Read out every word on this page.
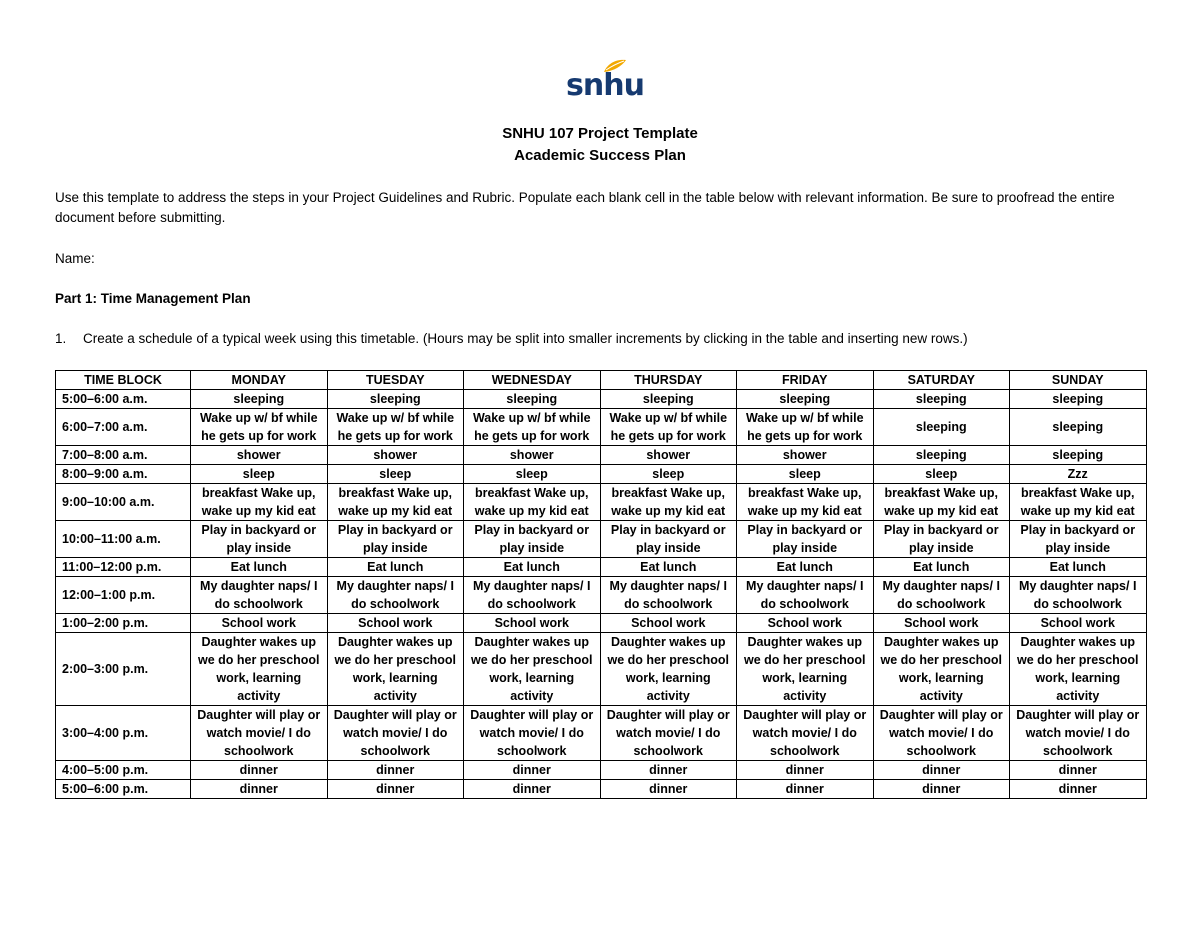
snhu
SNHU 107 Project Template
Academic Success Plan
Use this template to address the steps in your Project Guidelines and Rubric. Populate each blank cell in the table below with relevant information. Be sure to proofread the entire document before submitting.
Name:
Part 1: Time Management Plan
1. Create a schedule of a typical week using this timetable. (Hours may be split into smaller increments by clicking in the table and inserting new rows.)
TIME BLOCK	MONDAY	TUESDAY	WEDNESDAY	THURSDAY	FRIDAY	SATURDAY	SUNDAY
5:00–6:00 a.m.	sleeping	sleeping	sleeping	sleeping	sleeping	sleeping	sleeping
6:00–7:00 a.m.	Wake up w/ bf while he gets up for work	Wake up w/ bf while he gets up for work	Wake up w/ bf while he gets up for work	Wake up w/ bf while he gets up for work	Wake up w/ bf while he gets up for work	sleeping	sleeping
7:00–8:00 a.m.	shower	shower	shower	shower	shower	sleeping	sleeping
8:00–9:00 a.m.	sleep	sleep	sleep	sleep	sleep	sleep	Zzz
9:00–10:00 a.m.	breakfast Wake up, wake up my kid eat	breakfast Wake up, wake up my kid eat	breakfast Wake up, wake up my kid eat	breakfast Wake up, wake up my kid eat	breakfast Wake up, wake up my kid eat	breakfast Wake up, wake up my kid eat	breakfast Wake up, wake up my kid eat
10:00–11:00 a.m.	Play in backyard or play inside	Play in backyard or play inside	Play in backyard or play inside	Play in backyard or play inside	Play in backyard or play inside	Play in backyard or play inside	Play in backyard or play inside
11:00–12:00 p.m.	Eat lunch	Eat lunch	Eat lunch	Eat lunch	Eat lunch	Eat lunch	Eat lunch
12:00–1:00 p.m.	My daughter naps/ I do schoolwork	My daughter naps/ I do schoolwork	My daughter naps/ I do schoolwork	My daughter naps/ I do schoolwork	My daughter naps/ I do schoolwork	My daughter naps/ I do schoolwork	My daughter naps/ I do schoolwork
1:00–2:00 p.m.	School work	School work	School work	School work	School work	School work	School work
2:00–3:00 p.m.	Daughter wakes up we do her preschool work, learning activity	Daughter wakes up we do her preschool work, learning activity	Daughter wakes up we do her preschool work, learning activity	Daughter wakes up we do her preschool work, learning activity	Daughter wakes up we do her preschool work, learning activity	Daughter wakes up we do her preschool work, learning activity	Daughter wakes up we do her preschool work, learning activity
3:00–4:00 p.m.	Daughter will play or watch movie/ I do schoolwork	Daughter will play or watch movie/ I do schoolwork	Daughter will play or watch movie/ I do schoolwork	Daughter will play or watch movie/ I do schoolwork	Daughter will play or watch movie/ I do schoolwork	Daughter will play or watch movie/ I do schoolwork	Daughter will play or watch movie/ I do schoolwork
4:00–5:00 p.m.	dinner	dinner	dinner	dinner	dinner	dinner	dinner
5:00–6:00 p.m.	dinner	dinner	dinner	dinner	dinner	dinner	dinner
